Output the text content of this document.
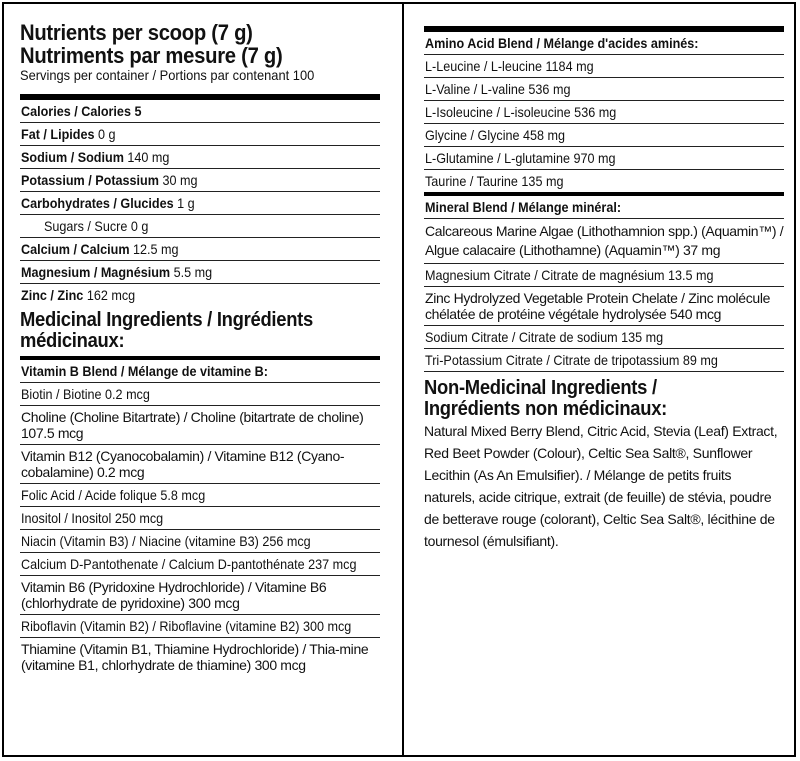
Nutrients per scoop (7 g)
Nutriments par mesure (7 g)
Servings per container / Portions par contenant 100
Calories / Calories 5
Fat / Lipides 0 g
Sodium / Sodium 140 mg
Potassium / Potassium 30 mg
Carbohydrates / Glucides 1 g
Sugars / Sucre 0 g
Calcium / Calcium 12.5 mg
Magnesium / Magnésium 5.5 mg
Zinc / Zinc 162 mcg
Medicinal Ingredients / Ingrédients
médicinaux:
Vitamin B Blend / Mélange de vitamine B:
Biotin / Biotine 0.2 mcg
Choline (Choline Bitartrate) / Choline (bitartrate de choline) 107.5 mcg
Vitamin B12 (Cyanocobalamin) / Vitamine B12 (Cyano-cobalamine) 0.2 mcg
Folic Acid / Acide folique 5.8 mcg
Inositol / Inositol 250 mcg
Niacin (Vitamin B3) / Niacine (vitamine B3) 256 mcg
Calcium D-Pantothenate / Calcium D-pantothénate 237 mcg
Vitamin B6 (Pyridoxine Hydrochloride) / Vitamine B6 (chlorhydrate de pyridoxine) 300 mcg
Riboflavin (Vitamin B2) / Riboflavine (vitamine B2) 300 mcg
Thiamine (Vitamin B1, Thiamine Hydrochloride) / Thia-mine (vitamine B1, chlorhydrate de thiamine) 300 mcg
Amino Acid Blend / Mélange d'acides aminés:
L-Leucine / L-leucine 1184 mg
L-Valine / L-valine 536 mg
L-Isoleucine / L-isoleucine 536 mg
Glycine / Glycine 458 mg
L-Glutamine / L-glutamine 970 mg
Taurine / Taurine 135 mg
Mineral Blend / Mélange minéral:
Calcareous Marine Algae (Lithothamnion spp.) (Aquamin™) / Algue calacaire (Lithothamne) (Aquamin™) 37 mg
Magnesium Citrate / Citrate de magnésium 13.5 mg
Zinc Hydrolyzed Vegetable Protein Chelate / Zinc molécule chélatée de protéine végétale hydrolysée 540 mcg
Sodium Citrate / Citrate de sodium 135 mg
Tri-Potassium Citrate / Citrate de tripotassium 89 mg
Non-Medicinal Ingredients /
Ingrédients non médicinaux:
Natural Mixed Berry Blend, Citric Acid, Stevia (Leaf) Extract, Red Beet Powder (Colour), Celtic Sea Salt®, Sunflower Lecithin (As An Emulsifier). / Mélange de petits fruits naturels, acide citrique, extrait (de feuille) de stévia, poudre de betterave rouge (colorant), Celtic Sea Salt®, lécithine de tournesol (émulsifiant).
